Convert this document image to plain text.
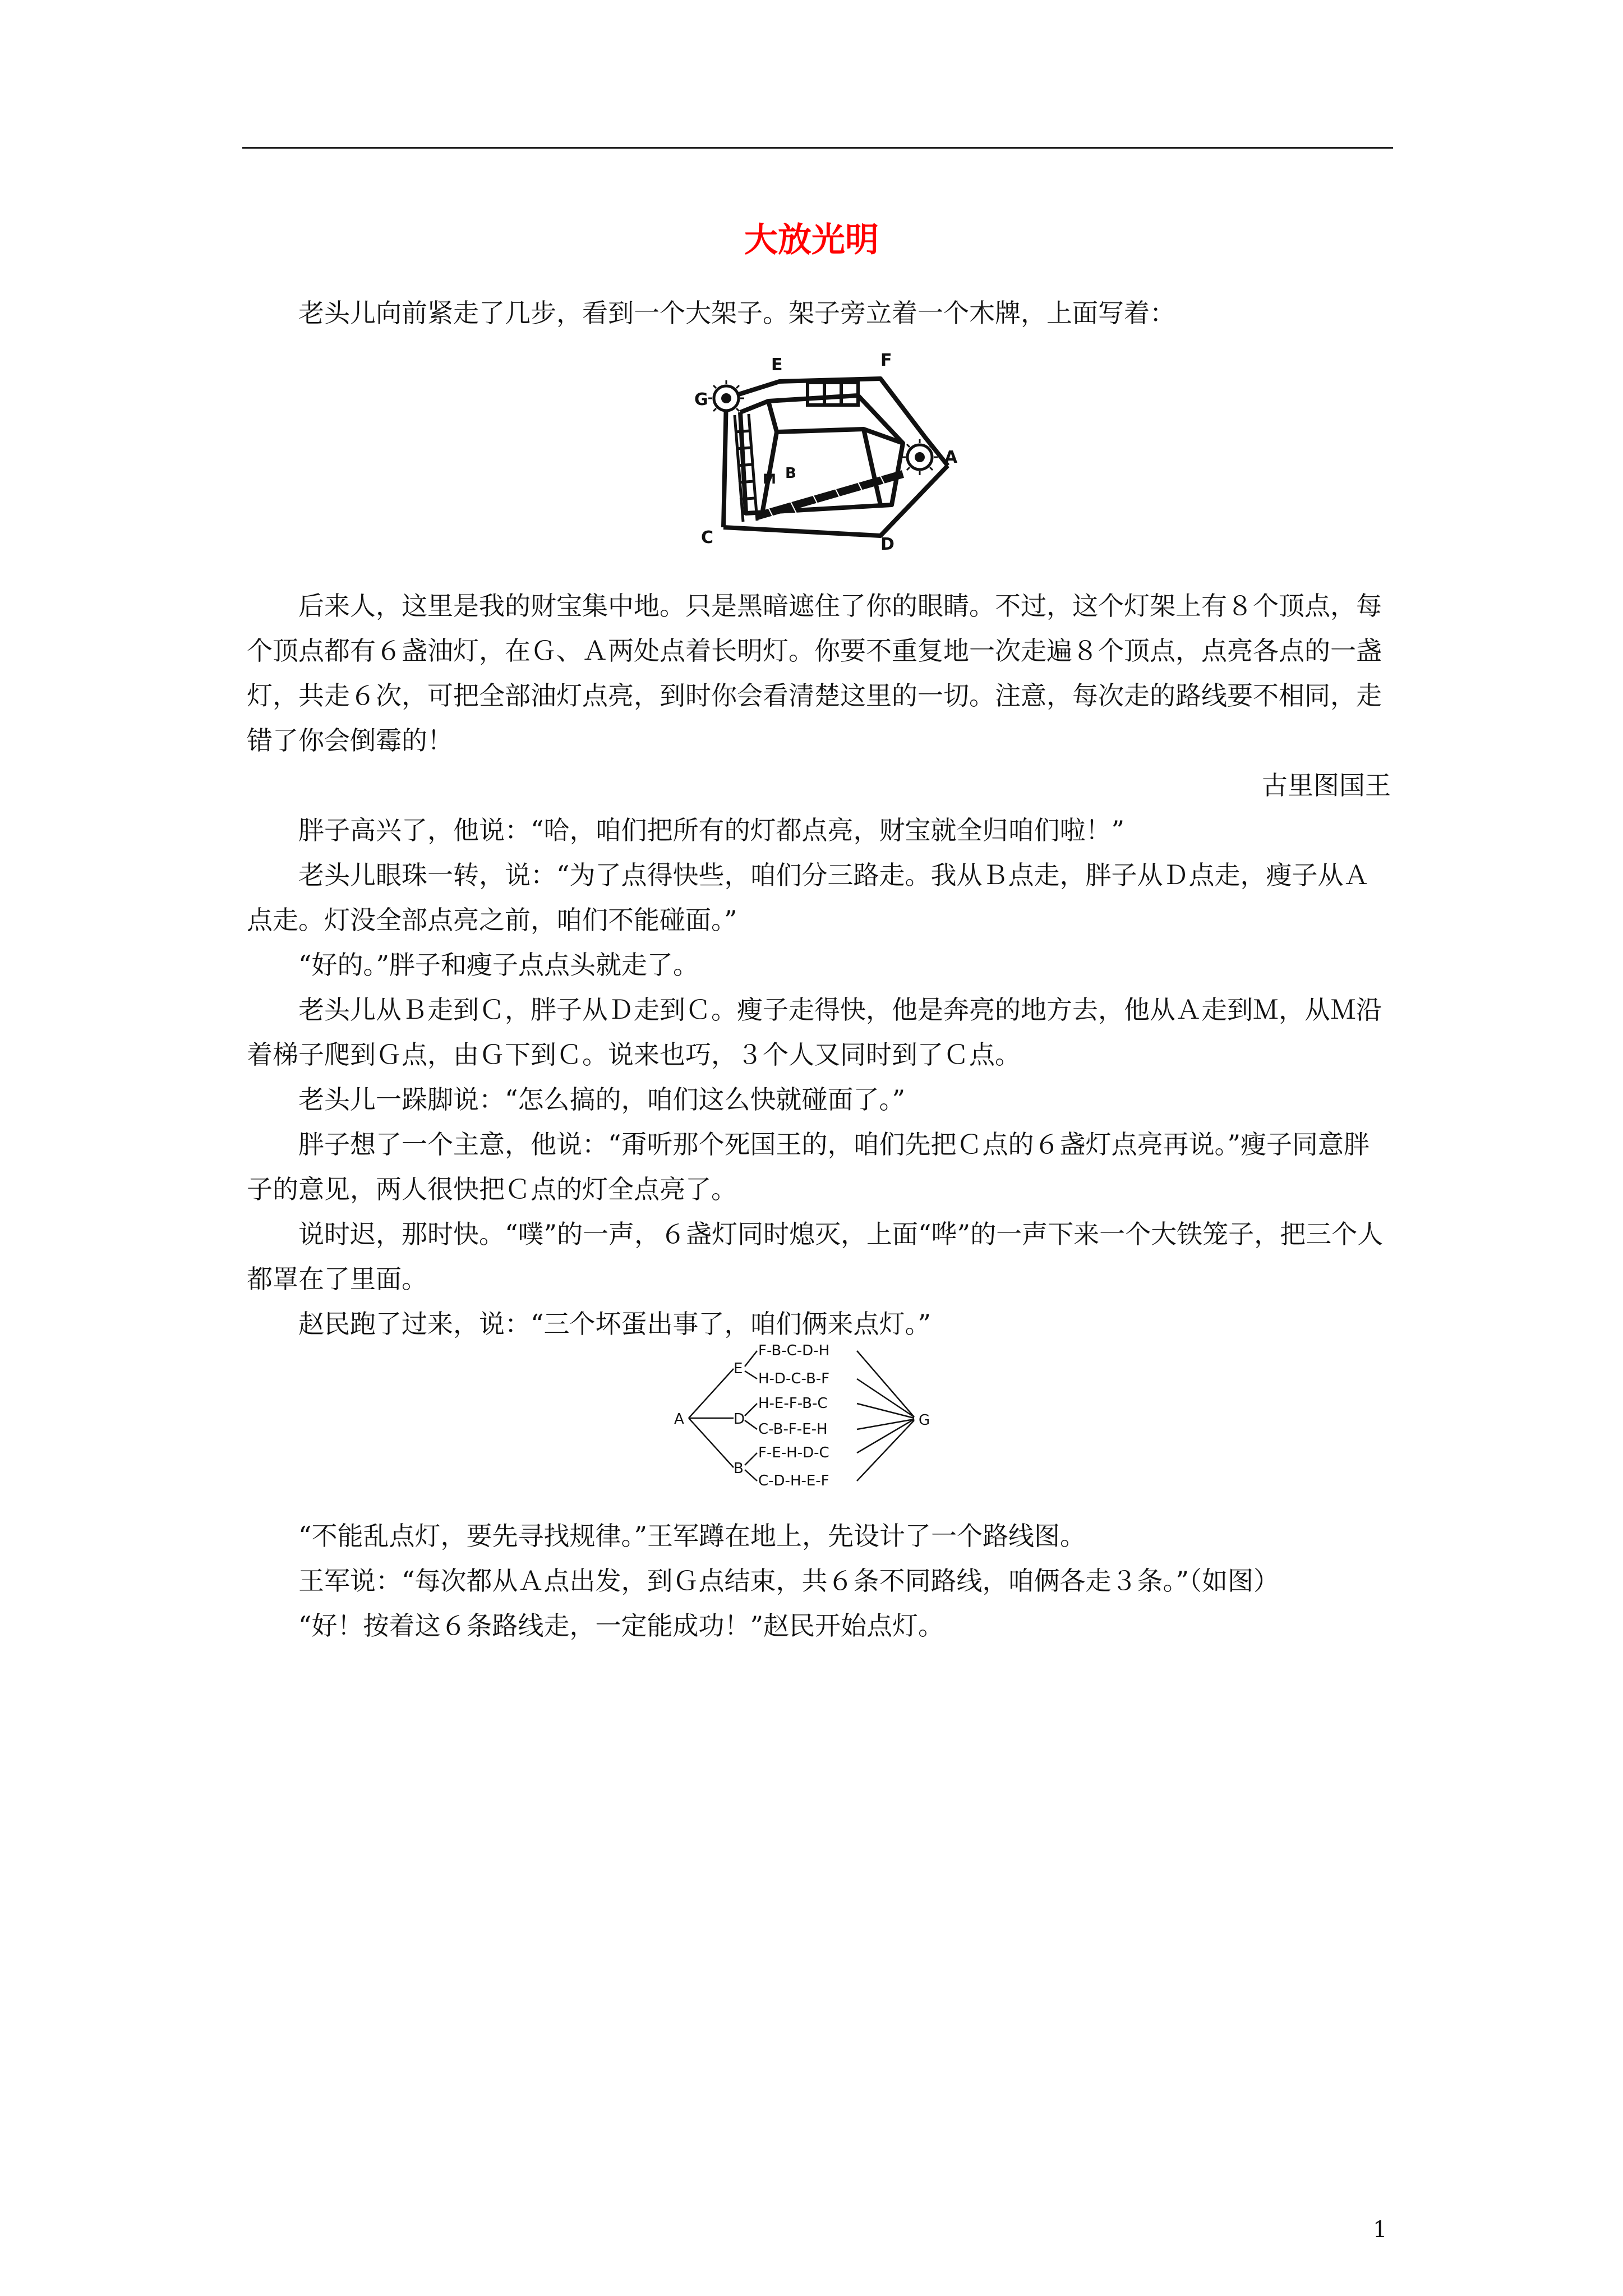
大放光明

老头儿向前紧走了几步，看到一个大架子。架子旁立着一个木牌，上面写着：

E	F
G
A
M B
C	D

后来人，这里是我的财宝集中地。只是黑暗遮住了你的眼睛。不过，这个灯架上有８个顶点，每个顶点都有６盏油灯，在Ｇ、Ａ两处点着长明灯。你要不重复地一次走遍８个顶点，点亮各点的一盏灯，共走６次，可把全部油灯点亮，到时你会看清楚这里的一切。注意，每次走的路线要不相同，走错了你会倒霉的！

古里图国王

胖子高兴了，他说：“哈，咱们把所有的灯都点亮，财宝就全归咱们啦！”

老头儿眼珠一转，说：“为了点得快些，咱们分三路走。我从Ｂ点走，胖子从Ｄ点走，瘦子从Ａ点走。灯没全部点亮之前，咱们不能碰面。”

“好的。”胖子和瘦子点点头就走了。

老头儿从Ｂ走到Ｃ，胖子从Ｄ走到Ｃ。瘦子走得快，他是奔亮的地方去，他从Ａ走到Ｍ，从Ｍ沿着梯子爬到Ｇ点，由Ｇ下到Ｃ。说来也巧，３个人又同时到了Ｃ点。

老头儿一跺脚说：“怎么搞的，咱们这么快就碰面了。”

胖子想了一个主意，他说：“甭听那个死国王的，咱们先把Ｃ点的６盏灯点亮再说。”瘦子同意胖子的意见，两人很快把Ｃ点的灯全点亮了。

说时迟，那时快。“噗”的一声，６盏灯同时熄灭，上面“哗”的一声下来一个大铁笼子，把三个人都罩在了里面。

赵民跑了过来，说：“三个坏蛋出事了，咱们俩来点灯。”

A
E
D
B
G
F-B-C-D-H
H-D-C-B-F
H-E-F-B-C
C-B-F-E-H
F-E-H-D-C
C-D-H-E-F

“不能乱点灯，要先寻找规律。”王军蹲在地上，先设计了一个路线图。

王军说：“每次都从Ａ点出发，到Ｇ点结束，共６条不同路线，咱俩各走３条。”（如图）

“好！按着这６条路线走，一定能成功！”赵民开始点灯。

1
